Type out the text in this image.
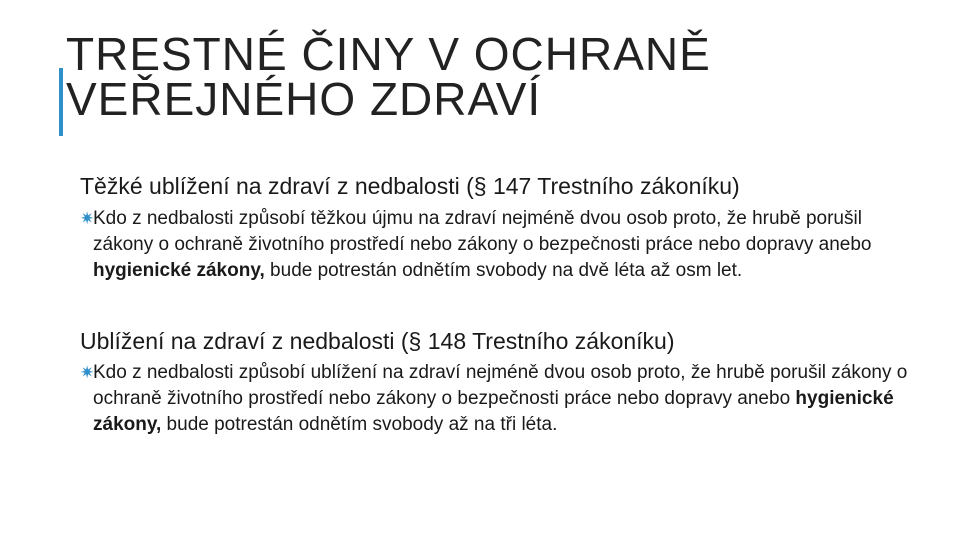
TRESTNÉ ČINY V OCHRANĚ
VEŘEJNÉHO ZDRAVÍ
Těžké ublížení na zdraví z nedbalosti (§ 147 Trestního zákoníku)

✷
Kdo z nedbalosti způsobí těžkou újmu na zdraví nejméně dvou osob proto, že hrubě porušil zákony o ochraně životního prostředí nebo zákony o bezpečnosti práce nebo dopravy anebo hygienické zákony, bude potrestán odnětím svobody na dvě léta až osm let.

Ublížení na zdraví z nedbalosti (§ 148 Trestního zákoníku)

✷
Kdo z nedbalosti způsobí ublížení na zdraví nejméně dvou osob proto, že hrubě porušil zákony o ochraně životního prostředí nebo zákony o bezpečnosti práce nebo dopravy anebo hygienické zákony, bude potrestán odnětím svobody až na tři léta.
